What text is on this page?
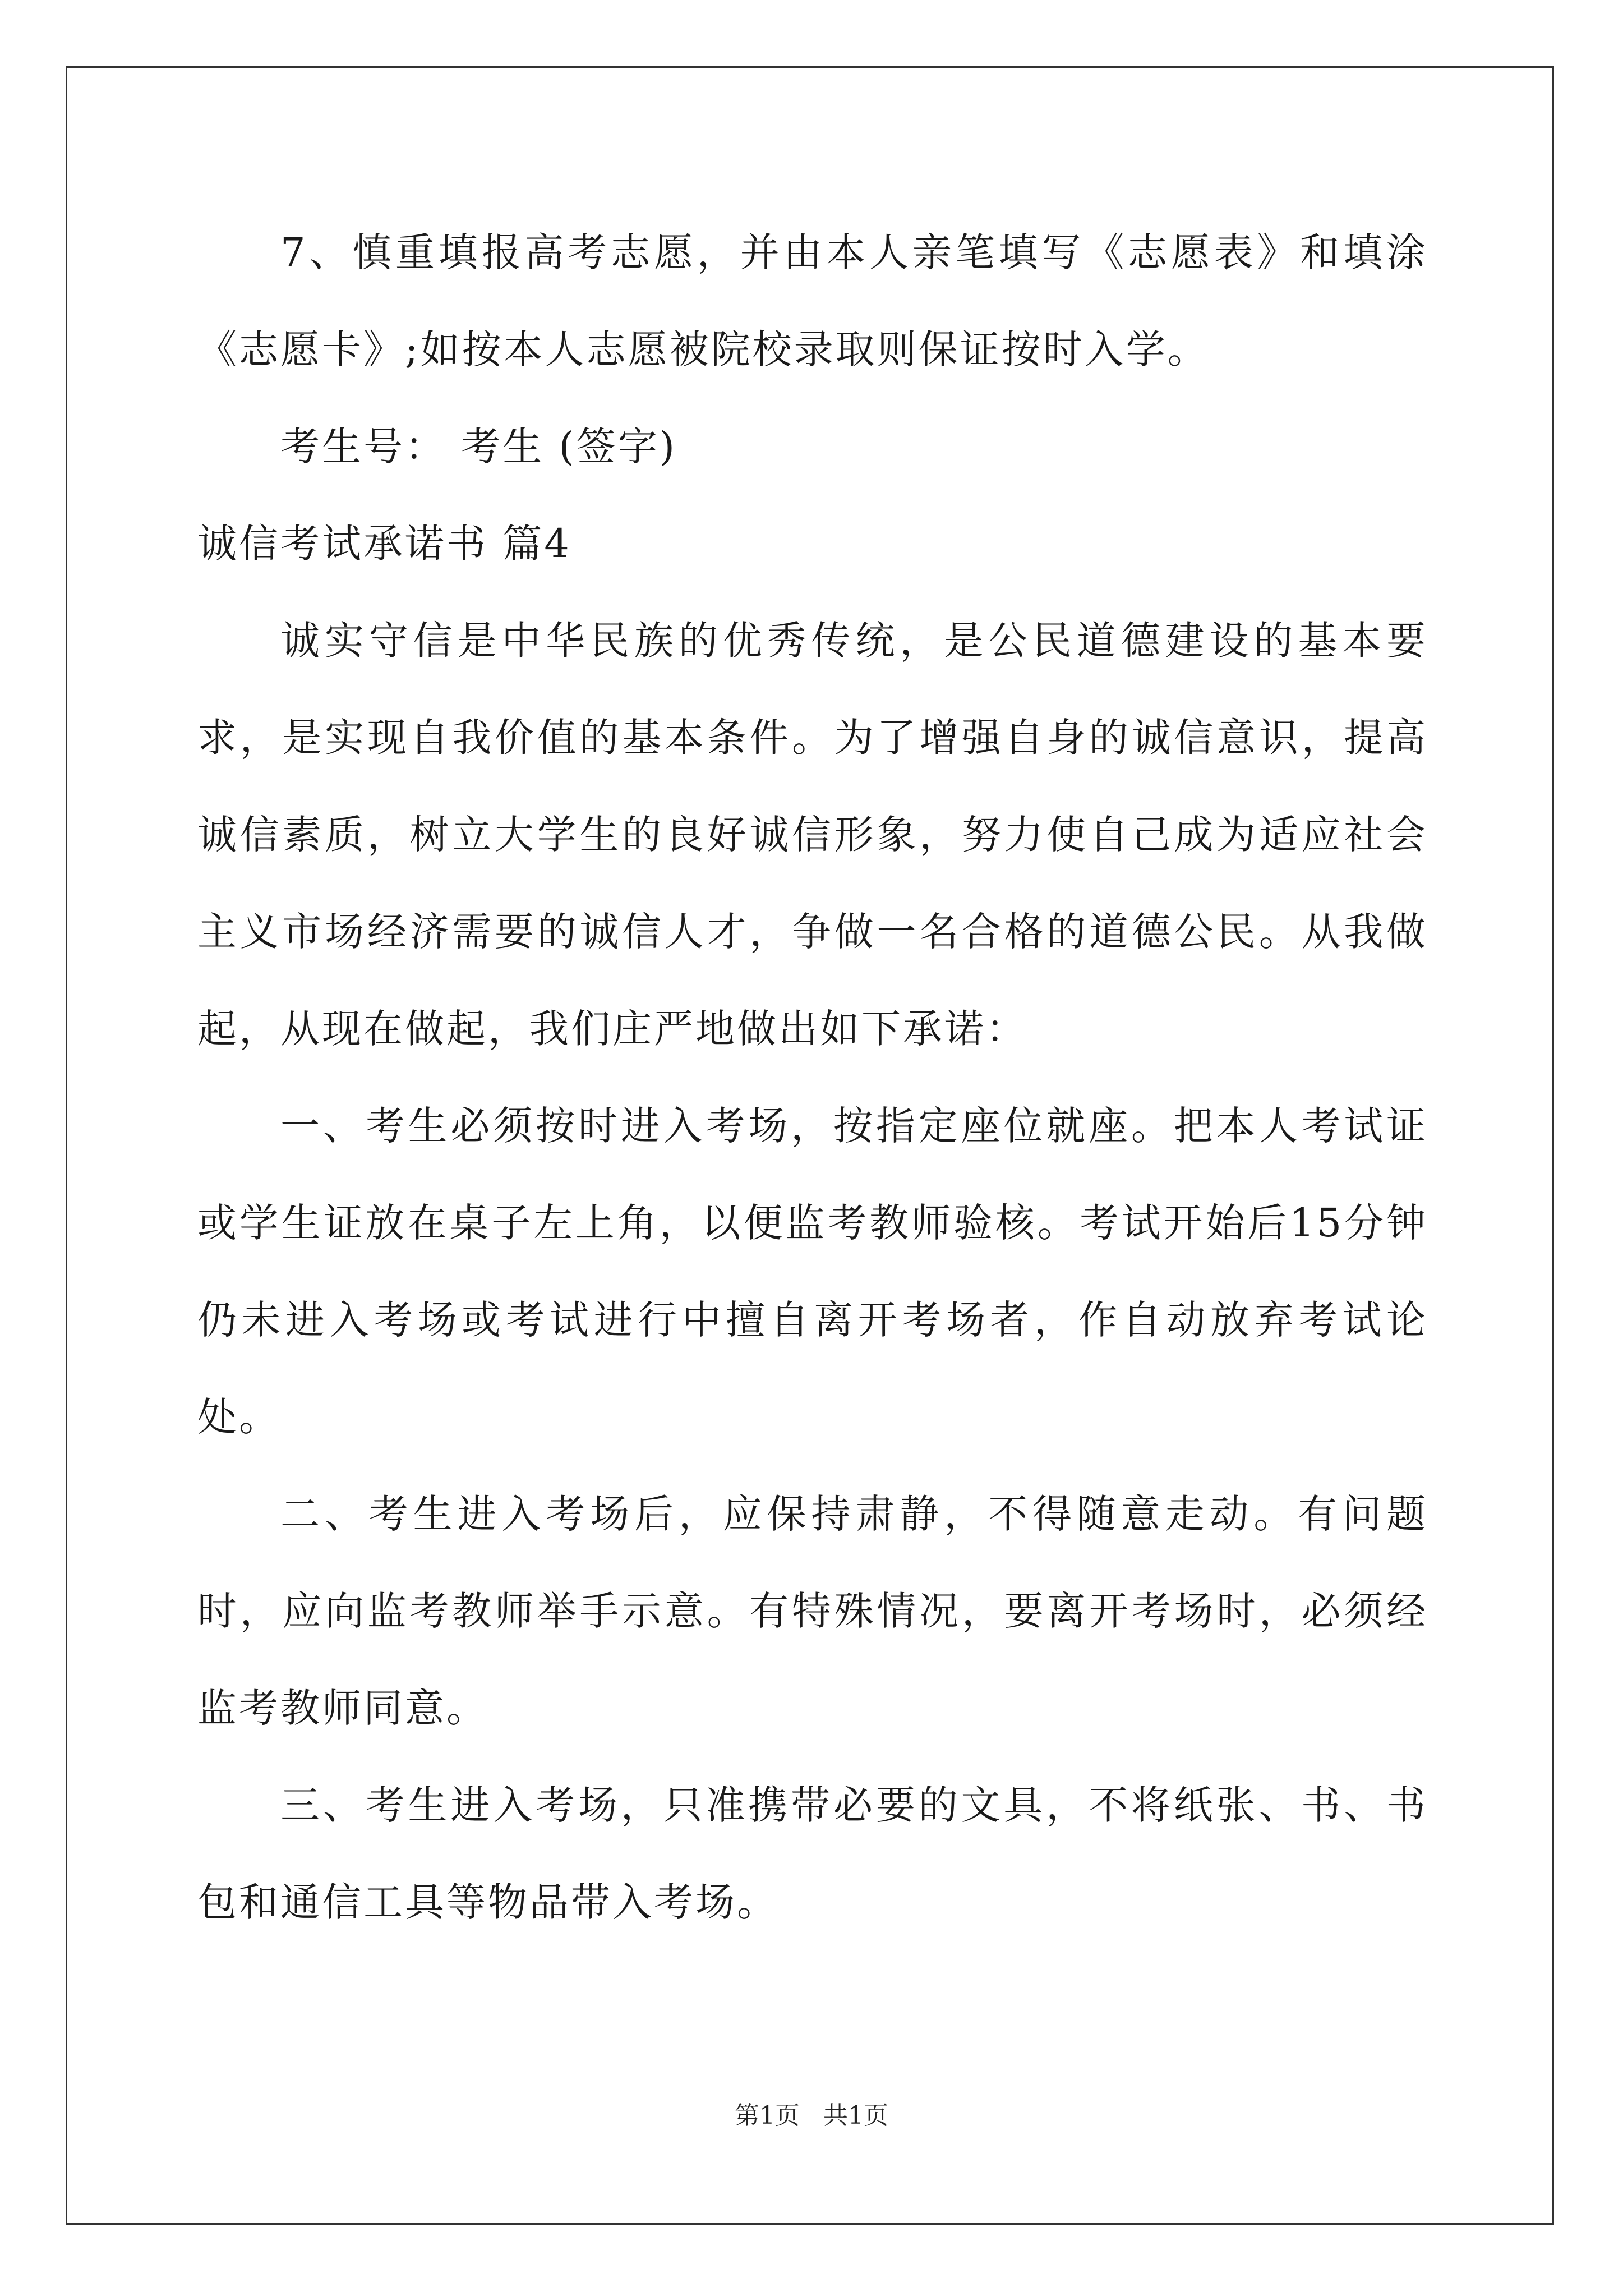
7、慎重填报高考志愿，并由本人亲笔填写《志愿表》和填涂《志愿卡》;如按本人志愿被院校录取则保证按时入学。

考生号： 考生 (签字)

诚信考试承诺书 篇4

诚实守信是中华民族的优秀传统，是公民道德建设的基本要求，是实现自我价值的基本条件。为了增强自身的诚信意识，提高诚信素质，树立大学生的良好诚信形象，努力使自己成为适应社会主义市场经济需要的诚信人才，争做一名合格的道德公民。从我做起，从现在做起，我们庄严地做出如下承诺：

一、考生必须按时进入考场，按指定座位就座。把本人考试证或学生证放在桌子左上角，以便监考教师验核。考试开始后15分钟仍未进入考场或考试进行中擅自离开考场者，作自动放弃考试论处。

二、考生进入考场后，应保持肃静，不得随意走动。有问题时，应向监考教师举手示意。有特殊情况，要离开考场时，必须经监考教师同意。

三、考生进入考场，只准携带必要的文具，不将纸张、书、书包和通信工具等物品带入考场。

第1页 共1页
